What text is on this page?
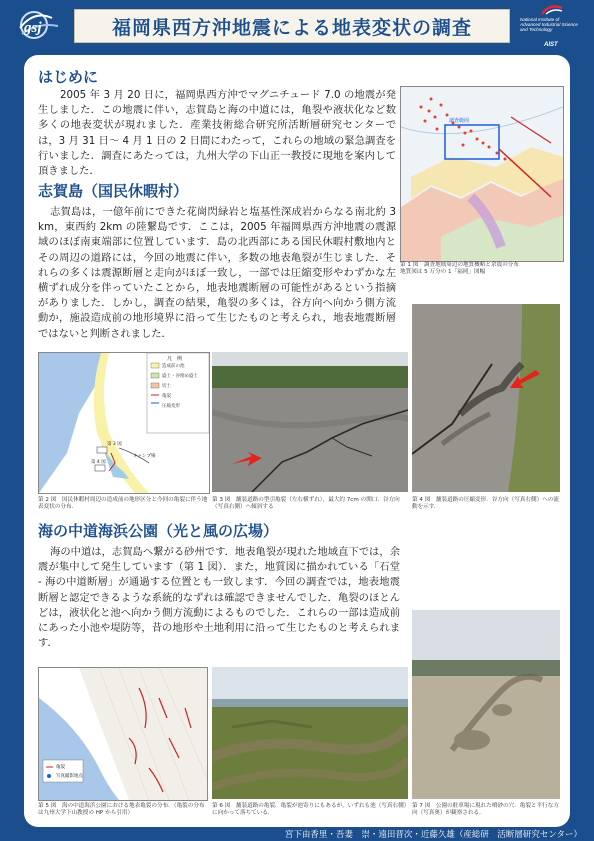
gsj	福岡県西方沖地震による地表変状の調査	National Institute of
Advanced Industrial Science
and Technology
AIST
はじめに

2005 年 3 月 20 日に，福岡県西方沖でマグニチュード 7.0 の地震が発生しました．この地震に伴い，志賀島と海の中道には，亀裂や液状化など数多くの地表変状が現れました．産業技術総合研究所活断層研究センターでは，3 月 31 日～ 4 月 1 日の 2 日間にわたって，これらの地域の緊急調査を行いました．調査にあたっては，九州大学の下山正一教授に現地を案内して頂きました．

調査範囲

第 1 図　調査地域周辺の地質概略と余震の分布
地質図は 5 万分の 1「福岡」図幅

志賀島（国民休暇村）

志賀島は，一億年前にできた花崗閃緑岩と塩基性深成岩からなる南北約 3 km，東西約 2km の陸繋島です．ここは，2005 年福岡県西方沖地震の震源域のほぼ南東端部に位置しています．島の北西部にある国民休暇村敷地内とその周辺の道路には，今回の地震に伴い，多数の地表亀裂が生じました．それらの多くは震源断層と走向がほぼ一致し，一部では圧縮変形やわずかな左横ずれ成分を伴っていたことから，地表地震断層の可能性があるという指摘がありました．しかし，調査の結果，亀裂の多くは，谷方向へ向かう側方流動か，施設造成前の地形境界に沿って生じたものと考えられ，地表地震断層ではないと判断されました．

凡　例
造成前の池
盛土・谷埋め盛土
切土
亀裂
圧縮変形
第 3 図
第 4 図
キャンプ場

第 2 図　国民休暇村周辺の造成前の地形区分と今回の亀裂に伴う地表変状の分布．

第 3 図　舗装道路の型引亀裂（左右横ずれ），最大約 7cm の開口．谷方向（写真右側）へ傾斜する

第 4 図　舗装道路の圧縮変形．谷方向（写真右側）への流動を示す．

海の中道海浜公園（光と風の広場）

海の中道は，志賀島へ繋がる砂州です．地表亀裂が現れた地域直下では，余震が集中して発生しています（第 1 図）．また，地質図に描かれている「石堂 - 海の中道断層」が通過する位置とも一致します．今回の調査では，地表地震断層と認定できるような系統的なずれは確認できませんでした．亀裂のほとんどは，液状化と池へ向かう側方流動によるものでした．これらの一部は造成前にあった小池や堤防等，昔の地形や土地利用に沿って生じたものと考えられます．

亀裂
写真撮影地点

第 5 図　海の中道海浜公園における地表亀裂の分布．（亀裂の分布は九州大学下山教授の HP から引用）

第 6 図　舗装道路の亀裂．亀裂が池寄りにもあるが，いずれも池（写真右側）に向かって落ちている．

第 7 図　公園の駐車場に現れた噴砂の穴．亀裂と平行な方向（写真奥）が観察される．

宮下由香里・吾妻　崇・遠田晋次・近藤久雄（産総研　活断層研究センター）
